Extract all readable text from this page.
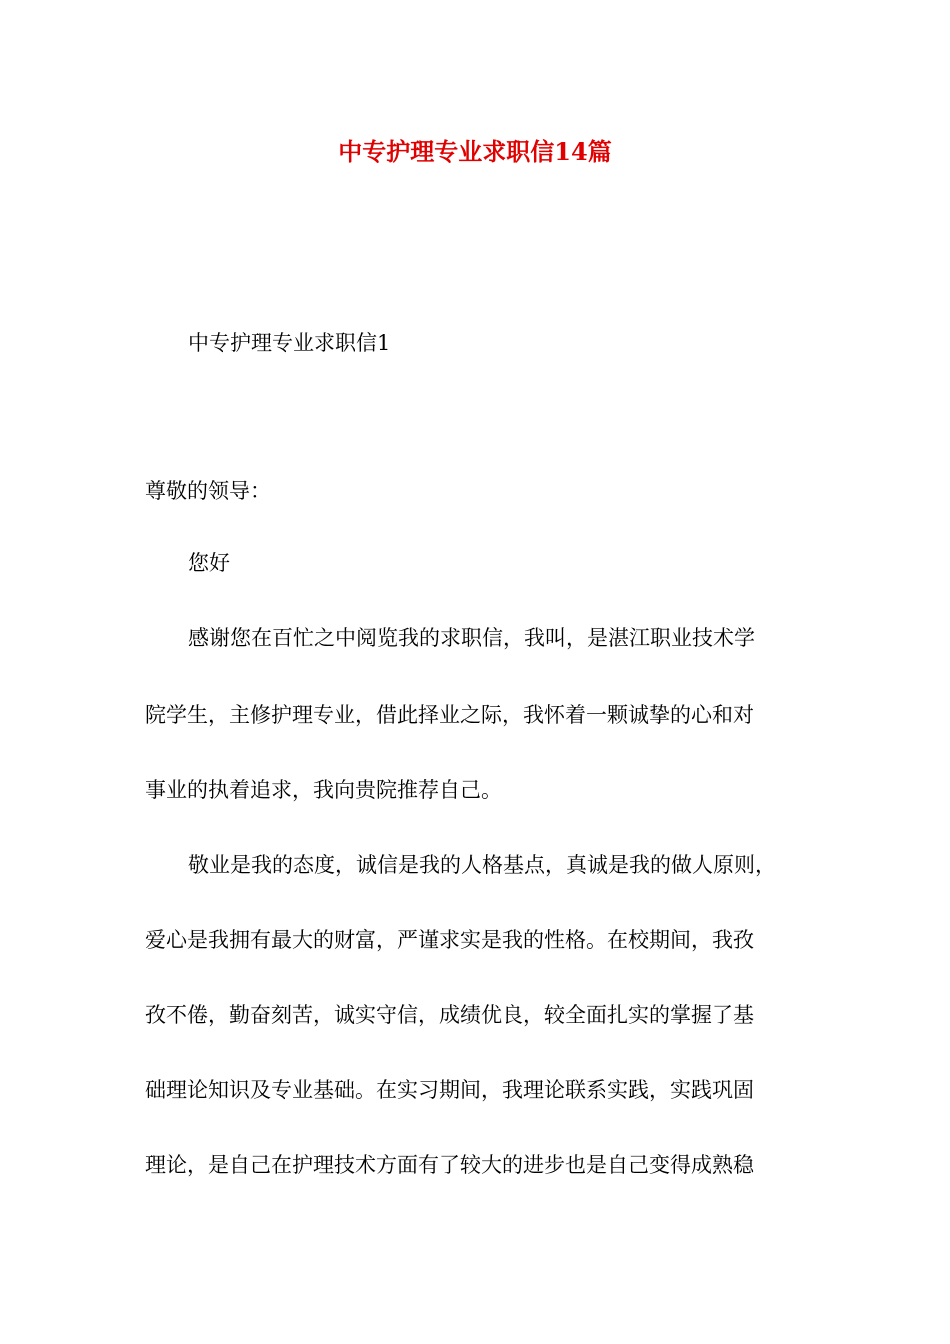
中专护理专业求职信14篇

中专护理专业求职信1

尊敬的领导：

您好

感谢您在百忙之中阅览我的求职信，我叫，是湛江职业技术学

院学生，主修护理专业，借此择业之际，我怀着一颗诚挚的心和对

事业的执着追求，我向贵院推荐自己。

敬业是我的态度，诚信是我的人格基点，真诚是我的做人原则，

爱心是我拥有最大的财富，严谨求实是我的性格。在校期间，我孜

孜不倦，勤奋刻苦，诚实守信，成绩优良，较全面扎实的掌握了基

础理论知识及专业基础。在实习期间，我理论联系实践，实践巩固

理论，是自己在护理技术方面有了较大的进步也是自己变得成熟稳
